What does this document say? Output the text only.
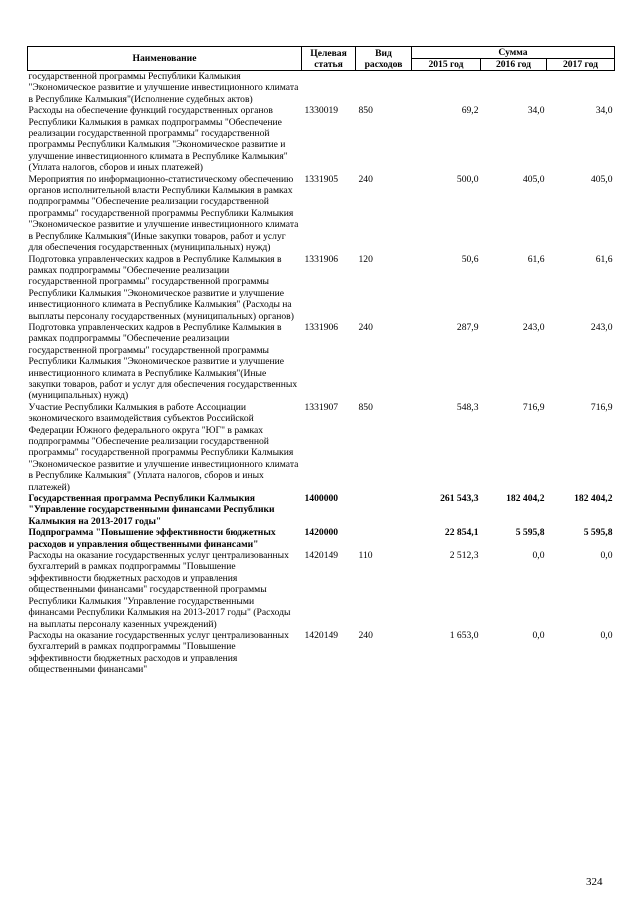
Наименование	Целевая статья	Вид расходов	Сумма		
			2015 год	2016 год	2017 год
государственной программы Республики Калмыкия "Экономическое развитие и улучшение инвестиционного климата в Республике Калмыкия"(Исполнение судебных актов)					
Расходы на обеспечение функций государственных органов Республики Калмыкия в рамках подпрограммы "Обеспечение реализации государственной программы" государственной программы Республики Калмыкия "Экономическое развитие и улучшение инвестиционного климата в Республике Калмыкия" (Уплата налогов, сборов и иных платежей)	1330019	850	69,2	34,0	34,0
Мероприятия по информационно-статистическому обеспечению органов исполнительной власти Республики Калмыкия в рамках подпрограммы "Обеспечение реализации государственной программы" государственной программы Республики Калмыкия "Экономическое развитие и улучшение инвестиционного климата в Республике Калмыкия"(Иные закупки товаров, работ и услуг для обеспечения государственных (муниципальных) нужд)	1331905	240	500,0	405,0	405,0
Подготовка управленческих кадров в Республике Калмыкия в рамках подпрограммы "Обеспечение реализации государственной программы" государственной программы Республики Калмыкия "Экономическое развитие и улучшение инвестиционного климата в Республике Калмыкия" (Расходы на выплаты персоналу государственных (муниципальных) органов)	1331906	120	50,6	61,6	61,6
Подготовка управленческих кадров в Республике Калмыкия в рамках подпрограммы "Обеспечение реализации государственной программы" государственной программы Республики Калмыкия "Экономическое развитие и улучшение инвестиционного климата в Республике Калмыкия"(Иные закупки товаров, работ и услуг для обеспечения государственных (муниципальных) нужд)	1331906	240	287,9	243,0	243,0
Участие Республики Калмыкия в работе Ассоциации экономического взаимодействия субъектов Российской Федерации Южного федерального округа "ЮГ" в рамках подпрограммы "Обеспечение реализации государственной программы" государственной программы Республики Калмыкия "Экономическое развитие и улучшение инвестиционного климата в Республике Калмыкия" (Уплата налогов, сборов и иных платежей)	1331907	850	548,3	716,9	716,9
Государственная программа Республики Калмыкия "Управление государственными финансами Республики Калмыкия на 2013-2017 годы"	1400000		261 543,3	182 404,2	182 404,2
Подпрограмма "Повышение эффективности бюджетных расходов и управления общественными финансами"	1420000		22 854,1	5 595,8	5 595,8
Расходы на оказание государственных услуг централизованных бухгалтерий в рамках подпрограммы "Повышение эффективности бюджетных расходов и управления общественными финансами" государственной программы Республики Калмыкия "Управление государственными финансами Республики Калмыкия на 2013-2017 годы" (Расходы на выплаты персоналу казенных учреждений)	1420149	110	2 512,3	0,0	0,0
Расходы на оказание государственных услуг централизованных бухгалтерий в рамках подпрограммы "Повышение эффективности бюджетных расходов и управления общественными финансами"	1420149	240	1 653,0	0,0	0,0
324
